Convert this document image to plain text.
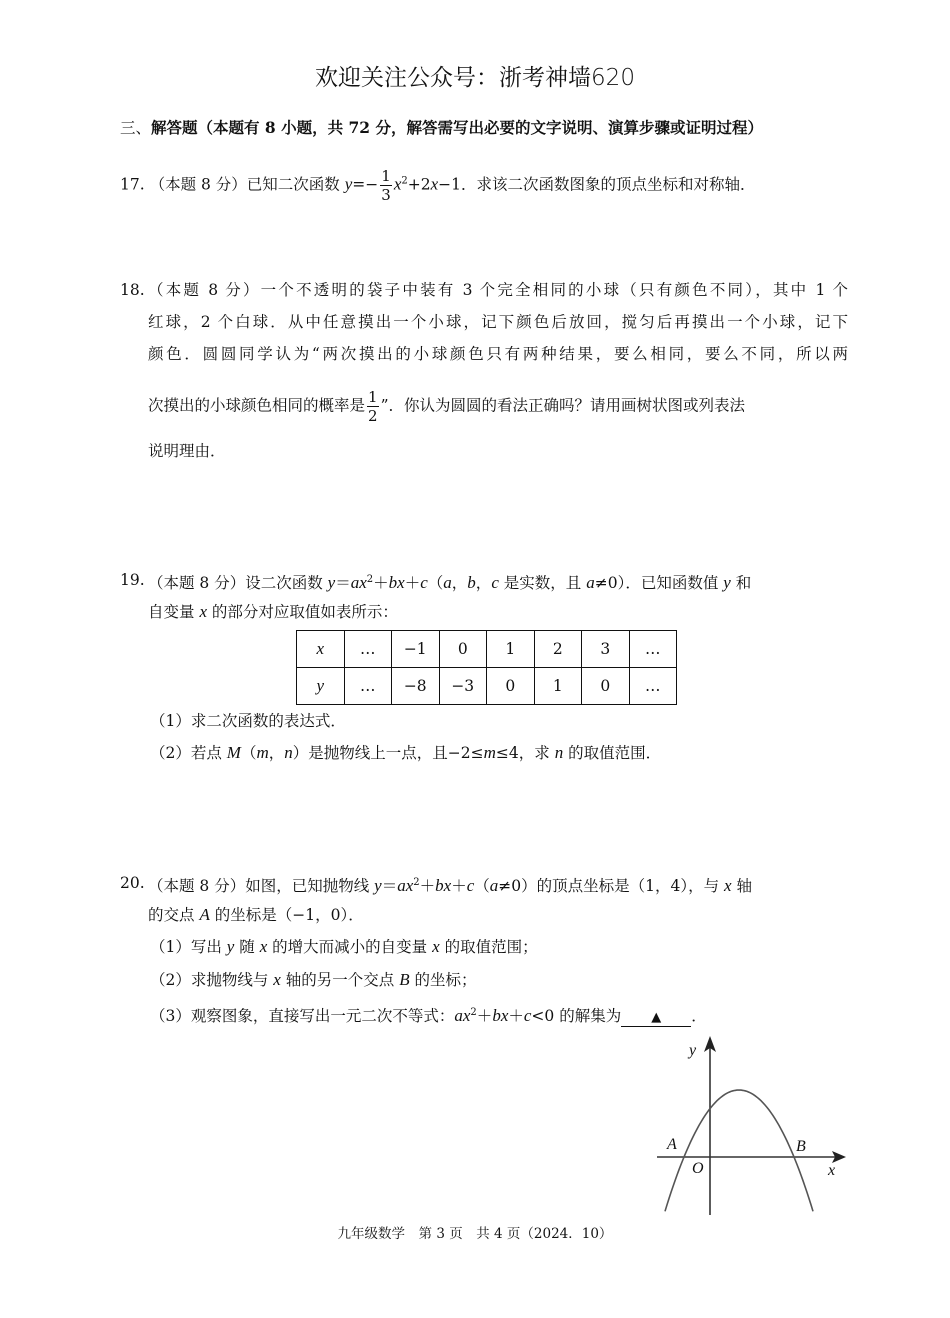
欢迎关注公众号：浙考神墙620
三、解答题（本题有 8 小题，共 72 分，解答需写出必要的文字说明、演算步骤或证明过程）
17. （本题 8 分）已知二次函数 $y=- \frac{1}{3} x^2+2x-1$．求该二次函数图象的顶点坐标和对称轴．
18. （本题 8 分）一个不透明的袋子中装有 3 个完全相同的小球（只有颜色不同），其中 1 个
红球，2 个白球．从中任意摸出一个小球，记下颜色后放回，搅匀后再摸出一个小球，记下
颜色．圆圆同学认为“两次摸出的小球颜色只有两种结果，要么相同，要么不同，所以两
次摸出的小球颜色相同的概率是 $\frac{1}{2}$ ”．你认为圆圆的看法正确吗？请用画树状图或列表法
说明理由．
19. （本题 8 分）设二次函数 $y=ax^2+bx+c(a$，b，c 是实数，且 a≠0）．已知函数值 y 和
自变量 x 的部分对应取值如表所示：
x	…	−1	0	1	2	3	…
y	…	−8	−3	0	1	0	…
（1）求二次函数的表达式．
（2）若点 M（m，n）是抛物线上一点，且−2≤m≤4，求 n 的取值范围．
20. （本题 8 分）如图，已知抛物线 $y=ax^2+bx+c(a\ne 0)$的顶点坐标是（1，4），与 x 轴
的交点 A 的坐标是（−1，0）．
（1）写出 y 随 x 的增大而减小的自变量 x 的取值范围；
（2）求抛物线与 x 轴的另一个交点 B 的坐标；
（3）观察图象，直接写出一元二次不等式：$ax^2+bx+c<0$ 的解集为 ▲ ．
y
x
O
A	B
九年级数学　第 3 页　共 4 页（2024．10）
